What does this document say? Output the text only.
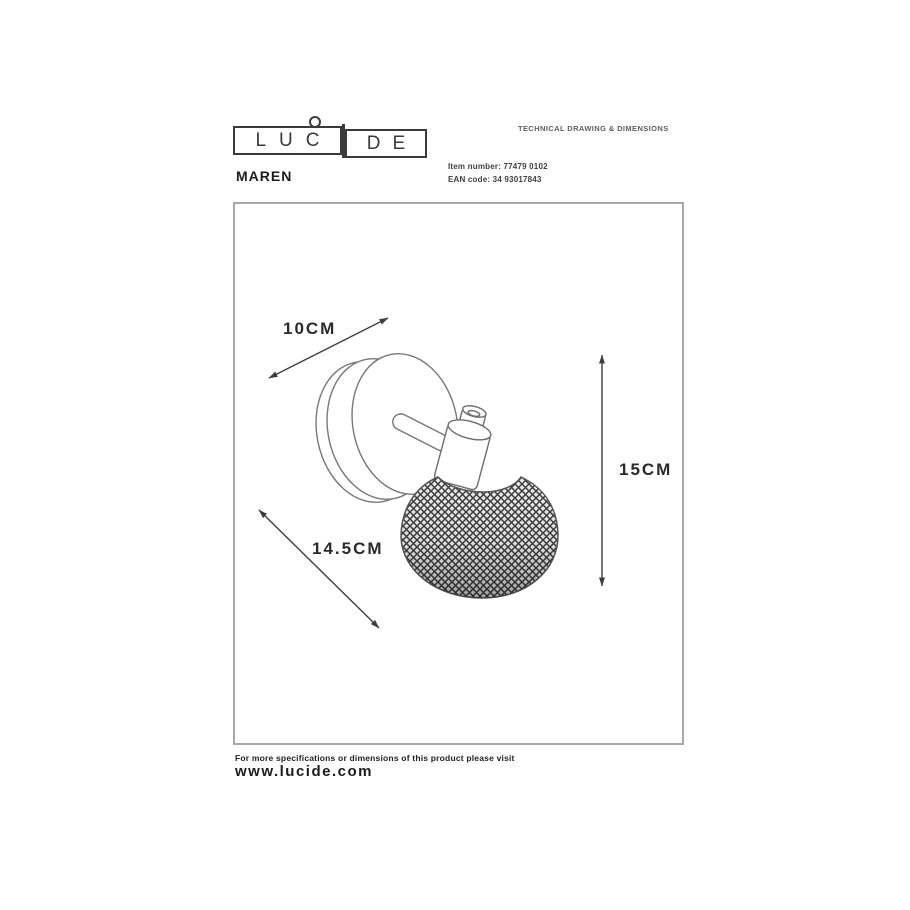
LUC DE
MAREN
TECHNICAL DRAWING & DIMENSIONS
Item number: 77479 0102
EAN code: 34 93017843
10CM
15CM
14.5CM
For more specifications or dimensions of this product please visit
www.lucide.com
